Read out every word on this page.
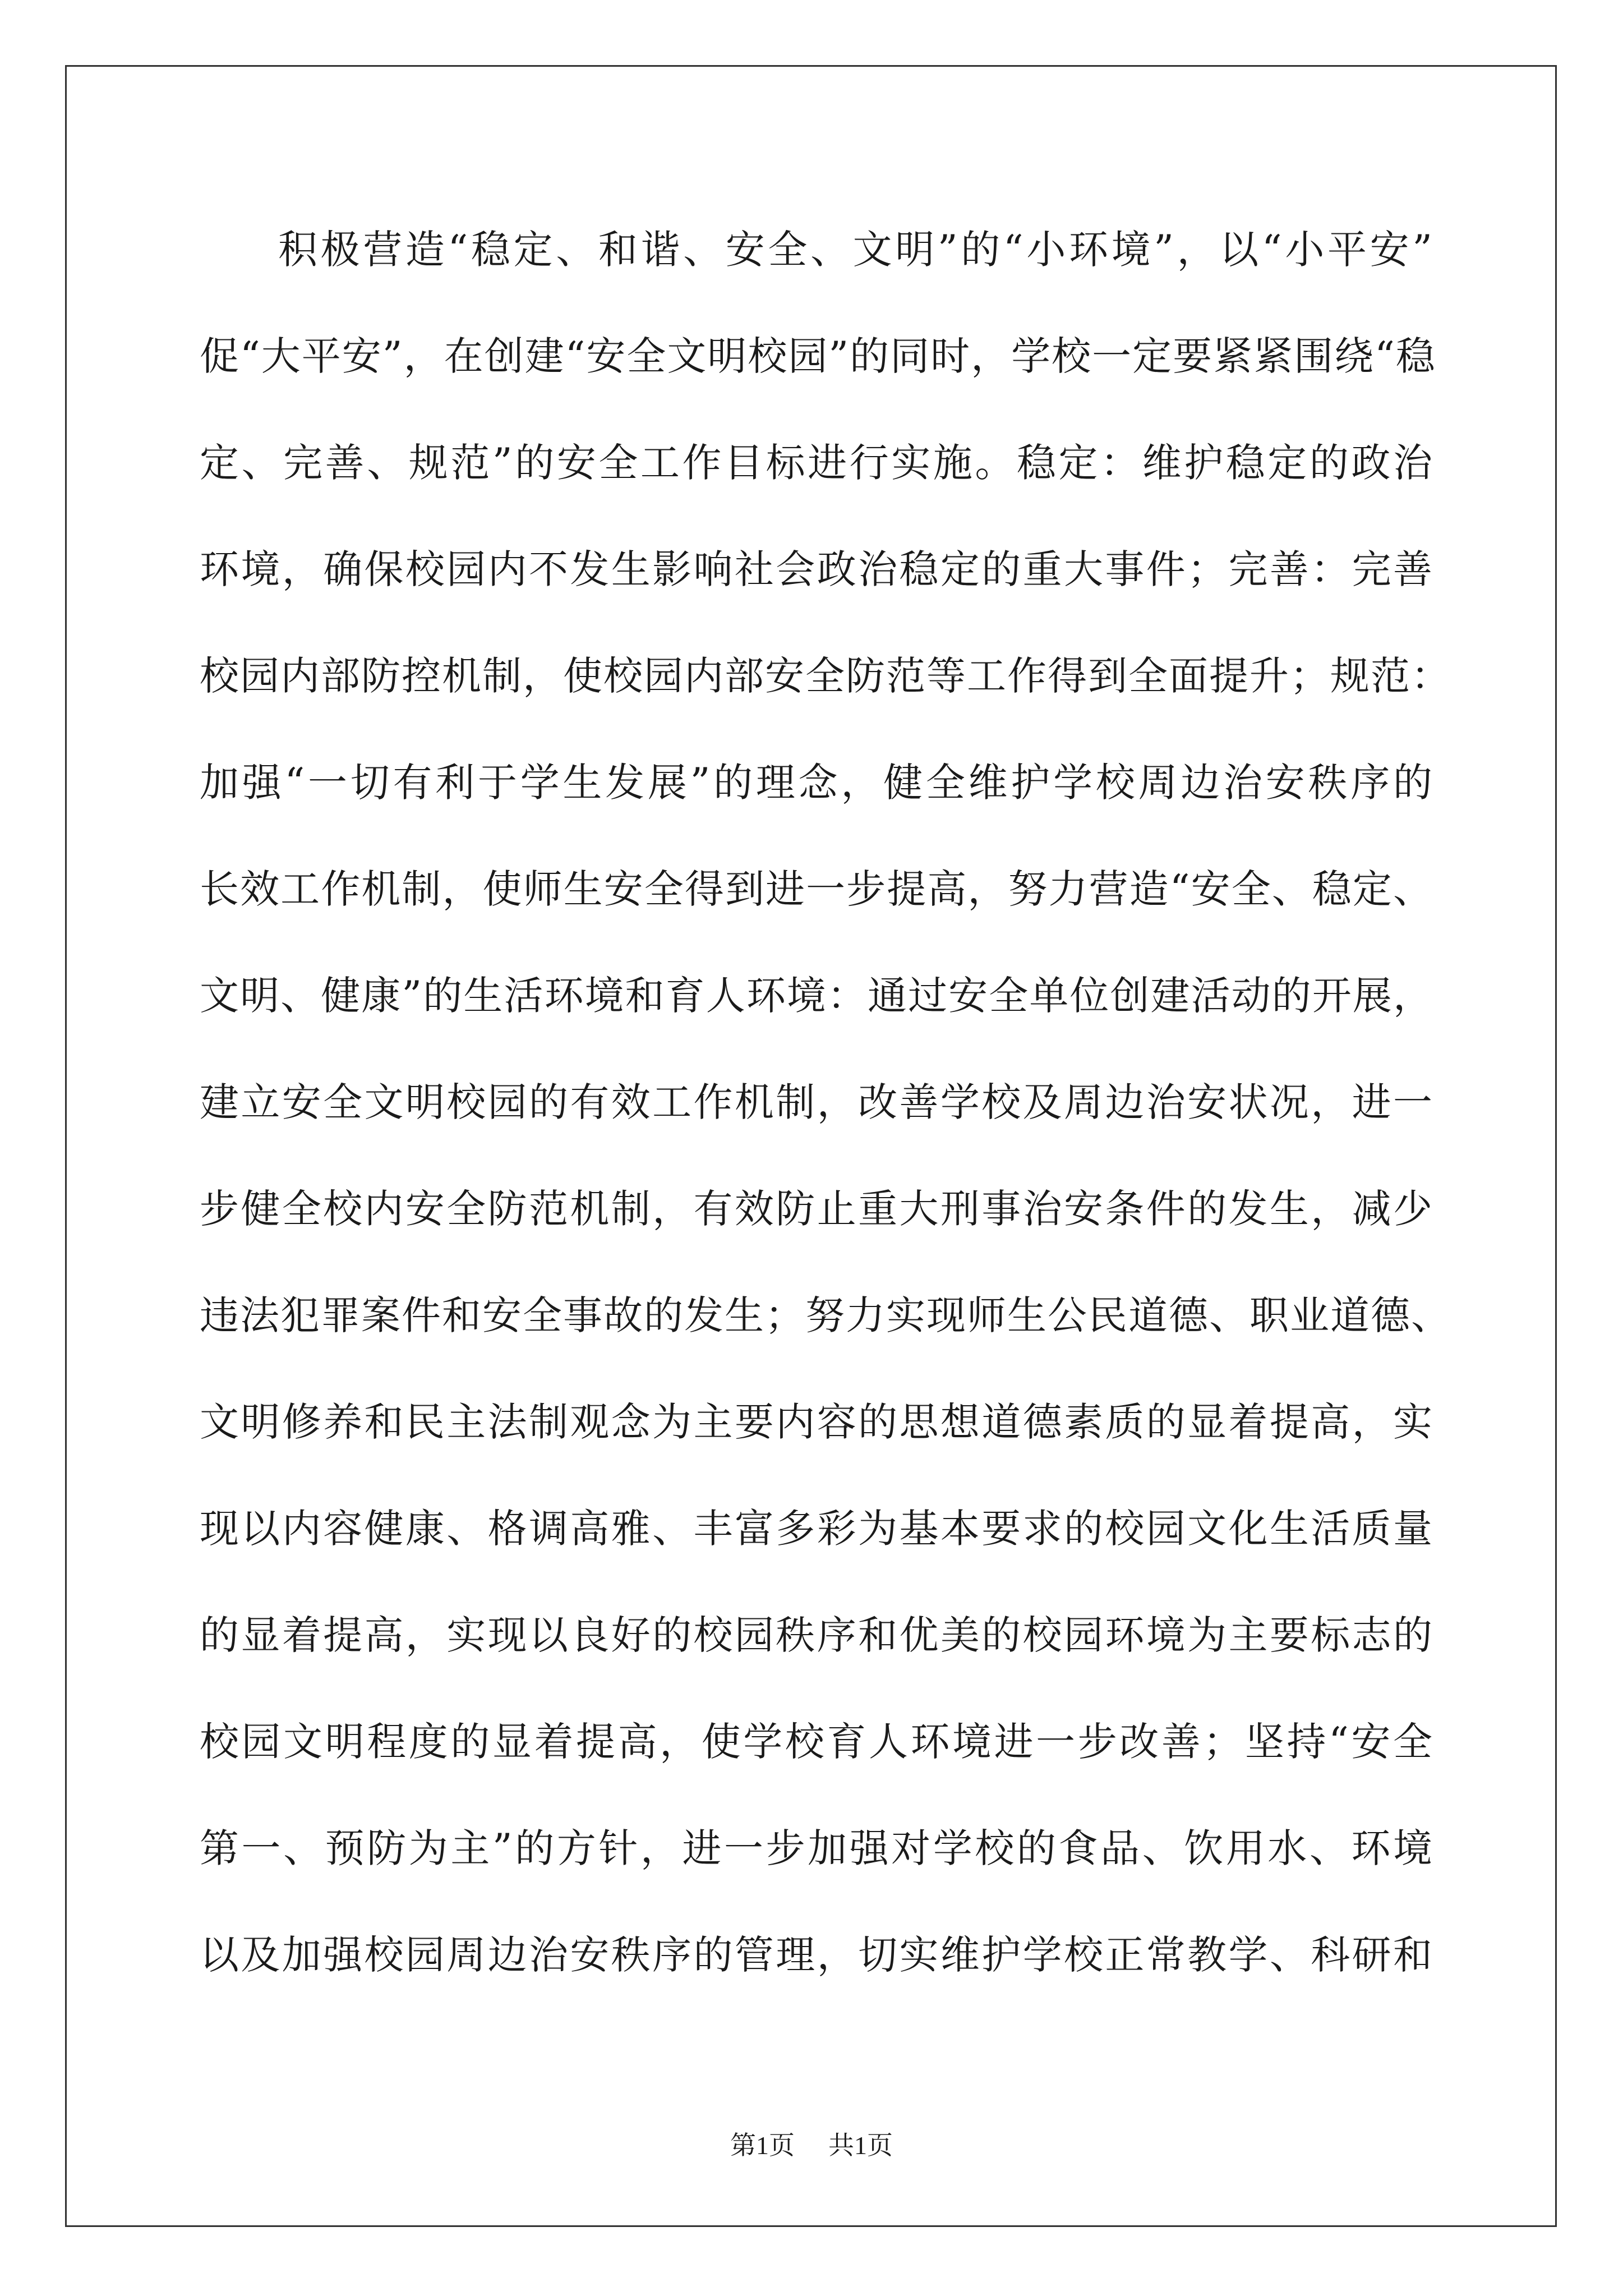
积极营造“稳定、和谐、安全、文明”的“小环境”，以“小平安”
促“大平安”，在创建“安全文明校园”的同时，学校一定要紧紧围绕“稳
定、完善、规范”的安全工作目标进行实施。稳定：维护稳定的政治
环境，确保校园内不发生影响社会政治稳定的重大事件；完善：完善
校园内部防控机制，使校园内部安全防范等工作得到全面提升；规范：
加强“一切有利于学生发展”的理念，健全维护学校周边治安秩序的
长效工作机制，使师生安全得到进一步提高，努力营造“安全、稳定、
文明、健康”的生活环境和育人环境：通过安全单位创建活动的开展，
建立安全文明校园的有效工作机制，改善学校及周边治安状况，进一
步健全校内安全防范机制，有效防止重大刑事治安条件的发生，减少
违法犯罪案件和安全事故的发生；努力实现师生公民道德、职业道德、
文明修养和民主法制观念为主要内容的思想道德素质的显着提高，实
现以内容健康、格调高雅、丰富多彩为基本要求的校园文化生活质量
的显着提高，实现以良好的校园秩序和优美的校园环境为主要标志的
校园文明程度的显着提高，使学校育人环境进一步改善；坚持“安全
第一、预防为主”的方针，进一步加强对学校的食品、饮用水、环境
以及加强校园周边治安秩序的管理，切实维护学校正常教学、科研和
第1页 共1页
